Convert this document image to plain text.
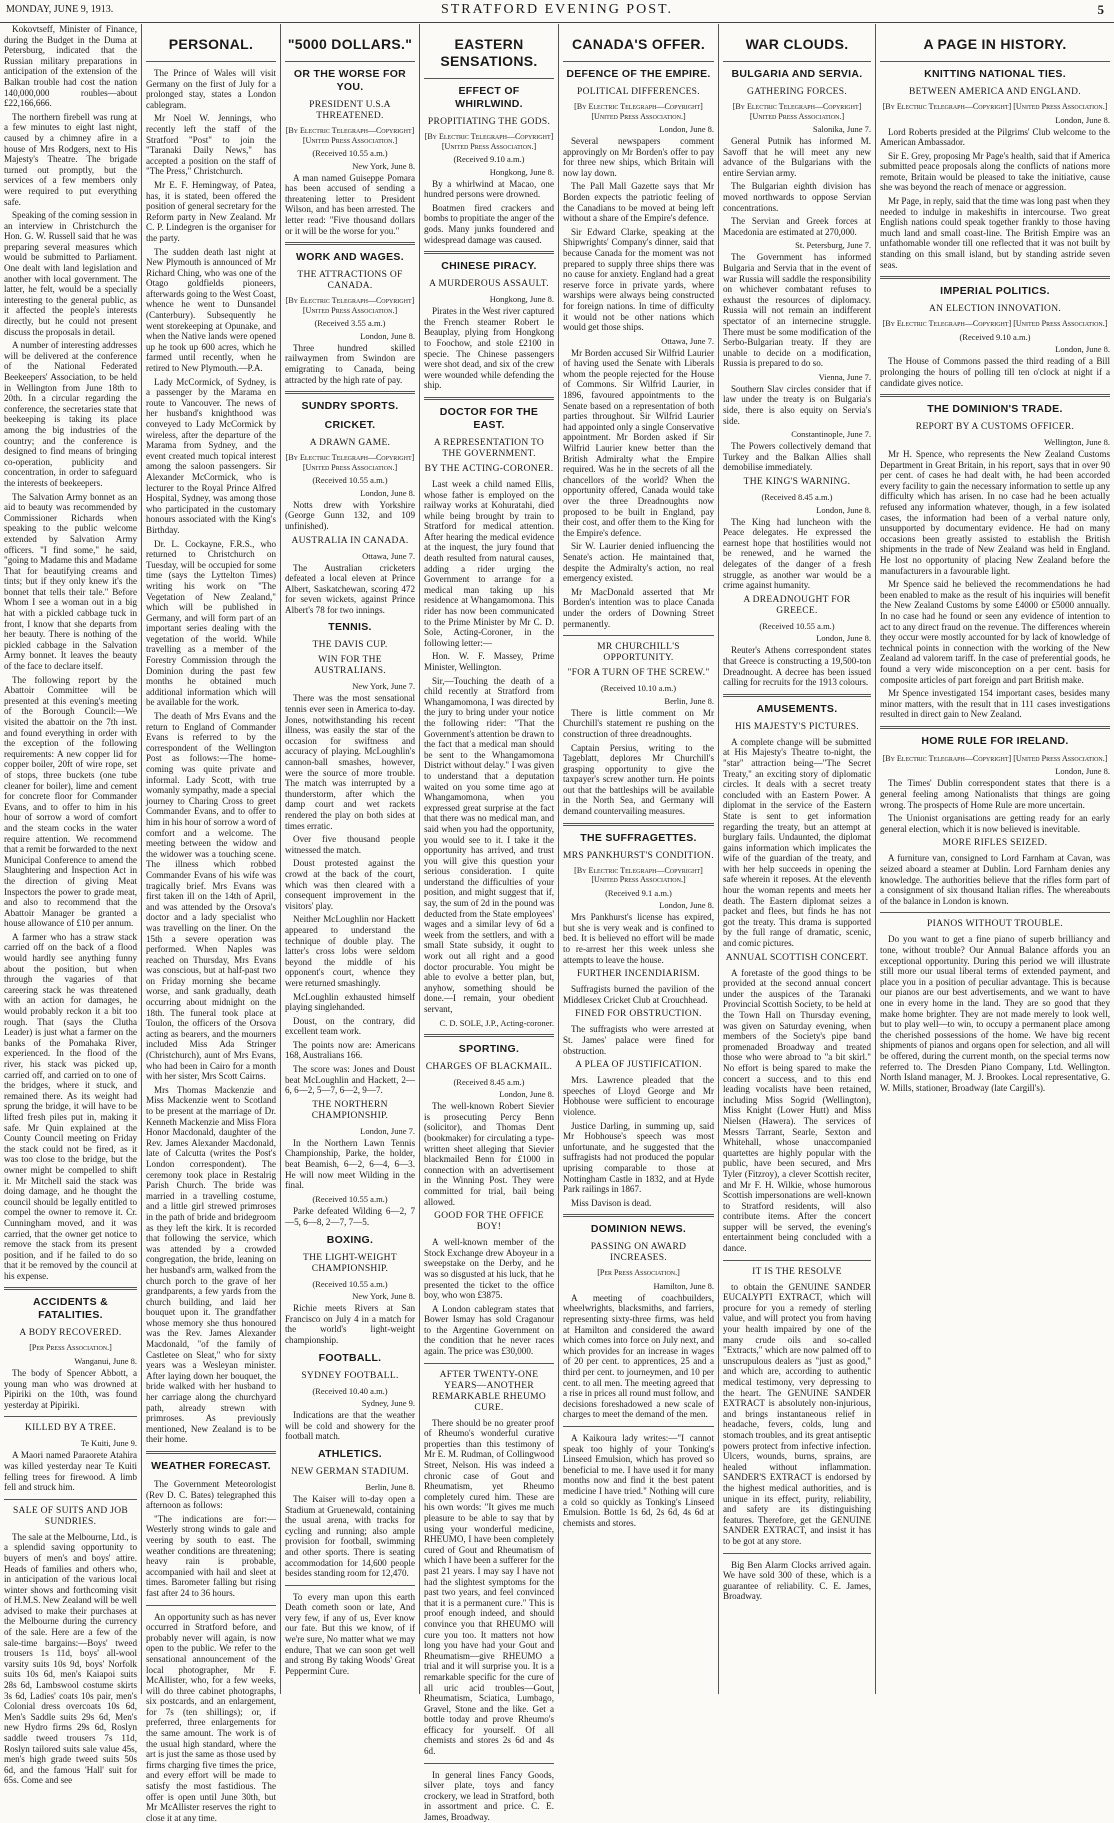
MONDAY, JUNE 9, 1913.	STRATFORD EVENING POST.	5

Kokovtseff, Minister of Finance, during the Budget in the Duma at Petersburg, indicated that the Russian military preparations in anticipation of the extension of the Balkan trouble had cost the nation 140,000,000 roubles—about £22,166,666.

The northern firebell was rung at a few minutes to eight last night, caused by a chimney afire in a house of Mrs Rodgers, next to His Majesty's Theatre. The brigade turned out promptly, but the services of a few members only were required to put everything safe.

Speaking of the coming session in an interview in Christchurch the Hon. G. W. Russell said that he was preparing several measures which would be submitted to Parliament. One dealt with land legislation and another with local government. The latter, he felt, would be a specially interesting to the general public, as it affected the people's interests directly, but he could not present discuss the proposals in detail.

A number of interesting addresses will be delivered at the conference of the National Federated Beekeepers' Association, to be held in Wellington from June 18th to 20th. In a circular regarding the conference, the secretaries state that beekeeping is taking its place among the big industries of the country; and the conference is designed to find means of bringing co-operation, publicity and concentration, in order to safeguard the interests of beekeepers.

The Salvation Army bonnet as an aid to beauty was recommended by Commissioner Richards when speaking to the public welcome extended by Salvation Army officers. "I find some," he said, "going to Madame this and Madame That for beautifying creams and tints; but if they only knew it's the bonnet that tells their tale." Before Whom I see a woman out in a big hat with a pickled cabbage tuck in front, I know that she departs from her beauty. There is nothing of the pickled cabbage in the Salvation Army bonnet. It leaves the beauty of the face to declare itself.

The following report by the Abattoir Committee will be presented at this evening's meeting of the Borough Council:—We visited the abattoir on the 7th inst. and found everything in order with the exception of the following requirements: A new copper lid for copper boiler, 20ft of wire rope, set of stops, three buckets (one tube cleaner for boiler), lime and cement for concrete floor for Commander Evans, and to offer to him in his hour of sorrow a word of comfort and the steam cocks in the water require attention. We recommend that a remit be forwarded to the next Municipal Conference to amend the Slaughtering and Inspection Act in the direction of giving Meat Inspectors the power to grade meat, and also to recommend that the Abattoir Manager be granted a house allowance of £10 per annum.

A farmer who has a straw stack carried off on the back of a flood would hardly see anything funny about the position, but when through the vagaries of that careering stack he was threatened with an action for damages, he would probably reckon it a bit too rough. That (says the Clutha Leader) is just what a farmer on the banks of the Pomahaka River, experienced. In the flood of the river, his stack was picked up, carried off, and carried on to one of the bridges, where it stuck, and remained there. As its weight had sprung the bridge, it will have to be lifted fresh piles put in, making it safe. Mr Quin explained at the County Council meeting on Friday the stack could not be fired, as it was too close to the bridge, but the owner might be compelled to shift it. Mr Mitchell said the stack was doing damage, and he thought the council should be legally entitled to compel the owner to remove it. Cr. Cunningham moved, and it was carried, that the owner get notice to remove the stack from its present position, and if he failed to do so that it be removed by the council at his expense.

ACCIDENTS & FATALITIES.
A BODY RECOVERED.
[Per Press Association.]
Wanganui, June 8.

The body of Spencer Abbott, a young man who was drowned at Pipiriki on the 10th, was found yesterday at Pipiriki.

KILLED BY A TREE.
Te Kuiti, June 9.

A Maori named Paraorete Atahira was killed yesterday near Te Kuiti felling trees for firewood. A limb fell and struck him.

SALE OF SUITS AND JOB SUNDRIES.

The sale at the Melbourne, Ltd., is a splendid saving opportunity to buyers of men's and boys' attire. Heads of families and others who, in anticipation of the various local winter shows and forthcoming visit of H.M.S. New Zealand will be well advised to make their purchases at the Melbourne during the currency of the sale. Here are a few of the sale-time bargains:—Boys' tweed trousers 1s 11d, boys' all-wool varsity suits 10s 9d, boys' Norfolk suits 10s 6d, men's Kaiapoi suits 28s 6d, Lambswool costume skirts 3s 6d, Ladies' coats 10s pair, men's Colonial dress overcoats 10s 6d, Men's Saddle suits 29s 6d, Men's new Hydro firms 29s 6d, Roslyn saddle tweed trousers 7s 11d, Roslyn tailored suits sale value 45s, men's high grade tweed suits 50s 6d, and the famous 'Hall' suit for 65s. Come and see

PERSONAL.

The Prince of Wales will visit Germany on the first of July for a prolonged stay, states a London cablegram.

Mr Noel W. Jennings, who recently left the staff of the Stratford "Post" to join the "Taranaki Daily News," has accepted a position on the staff of "The Press," Christchurch.

Mr E. F. Hemingway, of Patea, has, it is stated, been offered the position of general secretary for the Reform party in New Zealand. Mr C. P. Lindegren is the organiser for the party.

The sudden death last night at New Plymouth is announced of Mr Richard Ching, who was one of the Otago goldfields pioneers, afterwards going to the West Coast, whence he went to Dunsandel (Canterbury). Subsequently he went storekeeping at Opunake, and when the Native lands were opened up he took up 600 acres, which he farmed until recently, when he retired to New Plymouth.—P.A.

Lady McCormick, of Sydney, is a passenger by the Marama en route to Vancouver. The news of her husband's knighthood was conveyed to Lady McCormick by wireless, after the departure of the Marama from Sydney, and the event created much topical interest among the saloon passengers. Sir Alexander McCormick, who is lecturer to the Royal Prince Alfred Hospital, Sydney, was among those who participated in the customary honours associated with the King's Birthday.

Dr. L. Cockayne, F.R.S., who returned to Christchurch on Tuesday, will be occupied for some time (says the Lyttelton Times) writing his work on "The Vegetation of New Zealand," which will be published in Germany, and will form part of an important series dealing with the vegetation of the world. While travelling as a member of the Forestry Commission through the Dominion during the past few months he obtained much additional information which will be available for the work.

The death of Mrs Evans and the return to England of Commander Evans is referred to by the correspondent of the Wellington Post as follows:—The home-coming was quite private and informal. Lady Scott, with true womanly sympathy, made a special journey to Charing Cross to greet Commander Evans, and to offer to him in his hour of sorrow a word of comfort and a welcome. The meeting between the widow and the widower was a touching scene. The illness which robbed Commander Evans of his wife was tragically brief. Mrs Evans was first taken ill on the 14th of April, and was attended by the Orsova's doctor and a lady specialist who was travelling on the liner. On the 15th a severe operation was performed. When Naples was reached on Thursday, Mrs Evans was conscious, but at half-past two on Friday morning she became worse, and sank gradually, death occurring about midnight on the 18th. The funeral took place at Toulon, the officers of the Orsova acting as bearers, and the mourners included Miss Ada Stringer (Christchurch), aunt of Mrs Evans, who had been in Cairo for a month with her sister, Mrs Scott Cairns.

Mrs Thomas Mackenzie and Miss Mackenzie went to Scotland to be present at the marriage of Dr. Kenneth Mackenzie and Miss Flora Honor Macdonald, daughter of the Rev. James Alexander Macdonald, late of Calcutta (writes the Post's London correspondent). The ceremony took place in Restalrig Parish Church. The bride was married in a travelling costume, and a little girl strewed primroses in the path of bride and bridegroom as they left the kirk. It is recorded that following the service, which was attended by a crowded congregation, the bride, leaning on her husband's arm, walked from the church porch to the grave of her grandparents, a few yards from the church building, and laid her bouquet upon it. The grandfather whose memory she thus honoured was the Rev. James Alexander Macdonald, "of the family of Castletee on Sleat," who for sixty years was a Wesleyan minister. After laying down her bouquet, the bride walked with her husband to her carriage along the churchyard path, already strewn with primroses. As previously mentioned, New Zealand is to be their home.

WEATHER FORECAST.

The Government Meteorologist (Rev D. C. Bates) telegraphed this afternoon as follows:

"The indications are for:—Westerly strong winds to gale and veering by south to east. The weather conditions are threatening; heavy rain is probable, accompanied with hail and sleet at times. Barometer falling but rising fast after 24 to 36 hours.

An opportunity such as has never occurred in Stratford before, and probably never will again, is now open to the public. We refer to the sensational announcement of the local photographer, Mr F. McAllister, who, for a few weeks, will do three cabinet photographs, six postcards, and an enlargement, for 7s (ten shillings); or, if preferred, three enlargements for the same amount. The work is of the usual high standard, where the art is just the same as those used by firms charging five times the price, and every effort will be made to satisfy the most fastidious. The offer is open until June 30th, but Mr McAllister reserves the right to close it at any time.

"5000 DOLLARS."
OR THE WORSE FOR YOU.
PRESIDENT U.S.A THREATENED.
[By Electric Telegraph—Copyright] [United Press Association.]
(Received 10.55 a.m.)
New York, June 8.

A man named Guiseppe Pomara has been accused of sending a threatening letter to President Wilson, and has been arrested. The letter read: "Five thousand dollars or it will be the worse for you."

WORK AND WAGES.
THE ATTRACTIONS OF CANADA.
[By Electric Telegraph—Copyright] [United Press Association.]
(Received 3.55 a.m.)
London, June 8.

Three hundred skilled railwaymen from Swindon are emigrating to Canada, being attracted by the high rate of pay.

SUNDRY SPORTS.
CRICKET.
A DRAWN GAME.
[By Electric Telegraph—Copyright] [United Press Association.]
(Received 10.55 a.m.)
London, June 8.

Notts drew with Yorkshire (George Gunn 132, and 109 unfinished).

AUSTRALIA IN CANADA.
Ottawa, June 7.

The Australian cricketers defeated a local eleven at Prince Albert, Saskatchewan, scoring 472 for seven wickets, against Prince Albert's 78 for two innings.

TENNIS.
THE DAVIS CUP.
WIN FOR THE AUSTRALIANS.
New York, June 7.

There was the most sensational tennis ever seen in America to-day. Jones, notwithstanding his recent illness, was easily the star of the occasion for swiftness and accuracy of playing. McLoughlin's cannon-ball smashes, however, were the source of more trouble. The match was interrupted by a thunderstorm, after which the damp court and wet rackets rendered the play on both sides at times erratic.

Over five thousand people witnessed the match.

Doust protested against the crowd at the back of the court, which was then cleared with a consequent improvement in the visitors' play.

Neither McLoughlin nor Hackett appeared to understand the technique of double play. The latter's cross lobs were seldom beyond the middle of his opponent's court, whence they were returned smashingly.

McLoughlin exhausted himself playing singlehanded.

Doust, on the contrary, did excellent team work.

The points now are: Americans 168, Australians 166.

The score was: Jones and Doust beat McLoughlin and Hackett, 2—6, 6—2, 5—7, 6—2, 9—7.

THE NORTHERN CHAMPIONSHIP.
London, June 7.

In the Northern Lawn Tennis Championship, Parke, the holder, beat Beamish, 6—2, 6—4, 6—3. He will now meet Wilding in the final.

(Received 10.55 a.m.)

Parke defeated Wilding 6—2, 7—5, 6—8, 2—7, 7—5.

BOXING.
THE LIGHT-WEIGHT CHAMPIONSHIP.
(Received 10.55 a.m.)
New York, June 8.

Richie meets Rivers at San Francisco on July 4 in a match for the world's light-weight championship.

FOOTBALL.
SYDNEY FOOTBALL.
(Received 10.40 a.m.)
Sydney, June 9.

Indications are that the weather will be cold and showery for the football match.

ATHLETICS.
NEW GERMAN STADIUM.
Berlin, June 8.

The Kaiser will to-day open a Stadium at Gruenewald, containing the usual arena, with tracks for cycling and running; also ample provision for football, swimming and other sports. There is seating accommodation for 14,600 people besides standing room for 12,470.

To every man upon this earth Death cometh soon or late, And very few, if any of us, Ever know our fate. But this we know, of if we're sure, No matter what we may endure, That we can soon get well and strong By taking Woods' Great Peppermint Cure.

EASTERN SENSATIONS.
EFFECT OF WHIRLWIND.
PROPITIATING THE GODS.
[By Electric Telegraph—Copyright] [United Press Association.]
(Received 9.10 a.m.)
Hongkong, June 8.

By a whirlwind at Macao, one hundred persons were drowned.

Boatmen fired crackers and bombs to propitiate the anger of the gods. Many junks foundered and widespread damage was caused.

CHINESE PIRACY.
A MURDEROUS ASSAULT.
Hongkong, June 8.

Pirates in the West river captured the French steamer Robert le Beauplay, plying from Hongkong to Foochow, and stole £2100 in specie. The Chinese passengers were shot dead, and six of the crew were wounded while defending the ship.

DOCTOR FOR THE EAST.
A REPRESENTATION TO THE GOVERNMENT.
BY THE ACTING-CORONER.

Last week a child named Ellis, whose father is employed on the railway works at Kohuratahi, died while being brought by train to Stratford for medical attention. After hearing the medical evidence at the inquest, the jury found that death resulted from natural causes, adding a rider urging the Government to arrange for a medical man taking up his residence at Whangamomona. This rider has now been communicated to the Prime Minister by Mr C. D. Sole, Acting-Coroner, in the following letter:—

Hon. W. F. Massey, Prime Minister, Wellington.

Sir,—Touching the death of a child recently at Stratford from Whangamomona, I was directed by the jury to bring under your notice the following rider: "That the Government's attention be drawn to the fact that a medical man should be sent to the Whangamomona District without delay." I was given to understand that a deputation waited on you some time ago at Whangamomona, when you expressed great surprise at the fact that there was no medical man, and said when you had the opportunity, you would see to it. I take it the opportunity has arrived, and trust you will give this question your serious consideration. I quite understand the difficulties of your position, and might suggest that if, say, the sum of 2d in the pound was deducted from the State employees' wages and a similar levy of 6d a week from the settlers, and with a small State subsidy, it ought to work out all right and a good doctor procurable. You might be able to evolve a better plan, but, anyhow, something should be done.—I remain, your obedient servant,

C. D. SOLE, J.P., Acting-coroner.
SPORTING.
CHARGES OF BLACKMAIL.
(Received 8.45 a.m.)
London, June 8.

The well-known Robert Sievier is prosecuting Percy Benn (solicitor), and Thomas Dent (bookmaker) for circulating a type-written sheet alleging that Sievier blackmailed Benn for £1000 in connection with an advertisement in the Winning Post. They were committed for trial, bail being allowed.

GOOD FOR THE OFFICE BOY!

A well-known member of the Stock Exchange drew Aboyeur in a sweepstake on the Derby, and he was so disgusted at his luck, that he presented the ticket to the office boy, who won £3875.

A London cablegram states that Bower Ismay has sold Craganour to the Argentine Government on the condition that he never races again. The price was £30,000.

AFTER TWENTY-ONE YEARS—ANOTHER REMARKABLE RHEUMO CURE.

There should be no greater proof of Rheumo's wonderful curative properties than this testimony of Mr E. M. Rudman, of Collingwood Street, Nelson. His was indeed a chronic case of Gout and Rheumatism, yet Rheumo completely cured him. These are his own words: "It gives me much pleasure to be able to say that by using your wonderful medicine, RHEUMO, I have been completely cured of Gout and Rheumatism of which I have been a sufferer for the past 21 years. I may say I have not had the slightest symptoms for the past two years, and feel convinced that it is a permanent cure." This is proof enough indeed, and should convince you that RHEUMO will cure you too. It matters not how long you have had your Gout and Rheumatism—give RHEUMO a trial and it will surprise you. It is a remarkable specific for the cure of all uric acid troubles—Gout, Rheumatism, Sciatica, Lumbago, Gravel, Stone and the like. Get a bottle today and prove Rheumo's efficacy for yourself. Of all chemists and stores 2s 6d and 4s 6d.

In general lines Fancy Goods, silver plate, toys and fancy crockery, we lead in Stratford, both in assortment and price. C. E. James, Broadway.

CANADA'S OFFER.
DEFENCE OF THE EMPIRE.
POLITICAL DIFFERENCES.
[By Electric Telegraph—Copyright] [United Press Association.]
London, June 8.

Several newspapers comment approvingly on Mr Borden's offer to pay for three new ships, which Britain will now lay down.

The Pall Mall Gazette says that Mr Borden expects the patriotic feeling of the Canadians to be moved at being left without a share of the Empire's defence.

Sir Edward Clarke, speaking at the Shipwrights' Company's dinner, said that because Canada for the moment was not prepared to supply three ships there was no cause for anxiety. England had a great reserve force in private yards, where warships were always being constructed for foreign nations. In time of difficulty it would not be other nations which would get those ships.

Ottawa, June 7.

Mr Borden accused Sir Wilfrid Laurier of having used the Senate with Liberals whom the people rejected for the House of Commons. Sir Wilfrid Laurier, in 1896, favoured appointments to the Senate based on a representation of both parties throughout. Sir Wilfrid Laurier had appointed only a single Conservative appointment. Mr Borden asked if Sir Wilfrid Laurier knew better than the British Admiralty what the Empire required. Was he in the secrets of all the chancellors of the world? When the opportunity offered, Canada would take over the three Dreadnoughts now proposed to be built in England, pay their cost, and offer them to the King for the Empire's defence.

Sir W. Laurier denied influencing the Senate's action. He maintained that, despite the Admiralty's action, no real emergency existed.

Mr MacDonald asserted that Mr Borden's intention was to place Canada under the orders of Downing Street permanently.

MR CHURCHILL'S OPPORTUNITY.
"FOR A TURN OF THE SCREW."
(Received 10.10 a.m.)
Berlin, June 8.

There is little comment on Mr Churchill's statement re pushing on the construction of three dreadnoughts.

Captain Persius, writing to the Tageblatt, deplores Mr Churchill's grasping opportunity to give the taxpayer's screw another turn. He points out that the battleships will be available in the North Sea, and Germany will demand countervailing measures.

THE SUFFRAGETTES.
MRS PANKHURST'S CONDITION.
[By Electric Telegraph—Copyright] [United Press Association.]
(Received 9.1 a.m.)
London, June 8.

Mrs Pankhurst's license has expired, but she is very weak and is confined to bed. It is believed no effort will be made to re-arrest her this week unless she attempts to leave the house.

FURTHER INCENDIARISM.

Suffragists burned the pavilion of the Middlesex Cricket Club at Crouchhead.

FINED FOR OBSTRUCTION.

The suffragists who were arrested at St. James' palace were fined for obstruction.

A PLEA OF JUSTIFICATION.

Mrs. Lawrence pleaded that the speeches of Lloyd George and Mr Hobhouse were sufficient to encourage violence.

Justice Darling, in summing up, said Mr Hobhouse's speech was most unfortunate, and he suggested that the suffragists had not produced the popular uprising comparable to those at Nottingham Castle in 1832, and at Hyde Park railings in 1867.

Miss Davison is dead.

DOMINION NEWS.
PASSING ON AWARD INCREASES.
[Per Press Association.]
Hamilton, June 8.

A meeting of coachbuilders, wheelwrights, blacksmiths, and farriers, representing sixty-three firms, was held at Hamilton and considered the award which comes into force on July next, and which provides for an increase in wages of 20 per cent. to apprentices, 25 and a third per cent. to journeymen, and 10 per cent. to all men. The meeting agreed that a rise in prices all round must follow, and decisions foreshadowed a new scale of charges to meet the demand of the men.

A Kaikoura lady writes:—"I cannot speak too highly of your Tonking's Linseed Emulsion, which has proved so beneficial to me. I have used it for many months now and find it the best patent medicine I have tried." Nothing will cure a cold so quickly as Tonking's Linseed Emulsion. Bottle 1s 6d, 2s 6d, 4s 6d at chemists and stores.

WAR CLOUDS.
BULGARIA AND SERVIA.
GATHERING FORCES.
[By Electric Telegraph—Copyright] [United Press Association.]
Salonika, June 7.

General Putnik has informed M. Savoff that he will meet any new advance of the Bulgarians with the entire Servian army.

The Bulgarian eighth division has moved northwards to oppose Servian concentrations.

The Servian and Greek forces at Macedonia are estimated at 270,000.

St. Petersburg, June 7.

The Government has informed Bulgaria and Servia that in the event of war Russia will saddle the responsibility on whichever combatant refuses to exhaust the resources of diplomacy. Russia will not remain an indifferent spectator of an internecine struggle. There must be some modification of the Serbo-Bulgarian treaty. If they are unable to decide on a modification, Russia is prepared to do so.

Vienna, June 7.

Southern Slav circles consider that if law under the treaty is on Bulgaria's side, there is also equity on Servia's side.

Constantinople, June 7.

The Powers collectively demand that Turkey and the Balkan Allies shall demobilise immediately.

THE KING'S WARNING.
(Received 8.45 a.m.)
London, June 8.

The King had luncheon with the Peace delegates. He expressed the earnest hope that hostilities would not be renewed, and he warned the delegates of the danger of a fresh struggle, as another war would be a crime against humanity.

A DREADNOUGHT FOR GREECE.
(Received 10.55 a.m.)
London, June 8.

Reuter's Athens correspondent states that Greece is constructing a 19,500-ton Dreadnought. A decree has been issued calling for recruits for the 1913 colours.

AMUSEMENTS.
HIS MAJESTY'S PICTURES.

A complete change will be submitted at His Majesty's Theatre to-night, the "star" attraction being—"The Secret Treaty," an exciting story of diplomatic circles. It deals with a secret treaty concluded with an Eastern Power. A diplomat in the service of the Eastern State is sent to get information regarding the treaty, but an attempt at burglary fails. Undaunted, the diplomat gains information which implicates the wife of the guardian of the treaty, and with her help succeeds in opening the safe wherein it reposes. At the eleventh hour the woman repents and meets her death. The Eastern diplomat seizes a packet and flees, but finds he has not got the treaty. This drama is supported by the full range of dramatic, scenic, and comic pictures.

ANNUAL SCOTTISH CONCERT.

A foretaste of the good things to be provided at the second annual concert under the auspices of the Taranaki Provincial Scottish Society, to be held at the Town Hall on Thursday evening, was given on Saturday evening, when members of the Society's pipe band promenaded Broadway and treated those who were abroad to "a bit skirl." No effort is being spared to make the concert a success, and to this end leading vocalists have been retained, including Miss Sogrid (Wellington), Miss Knight (Lower Hutt) and Miss Nielsen (Hawera). The services of Messrs Tarrant, Searle, Sexton and Whitehall, whose unaccompanied quartettes are highly popular with the public, have been secured, and Mrs Tyler (Fitzroy), a clever Scottish reciter, and Mr F. H. Wilkie, whose humorous Scottish impersonations are well-known to Stratford residents, will also contribute items. After the concert supper will be served, the evening's entertainment being concluded with a dance.

IT IS THE RESOLVE

to obtain the GENUINE SANDER EUCALYPTI EXTRACT, which will procure for you a remedy of sterling value, and will protect you from having your health impaired by one of the many crude oils and so-called "Extracts," which are now palmed off to unscrupulous dealers as "just as good," and which are, according to authentic medical testimony, very depressing to the heart. The GENUINE SANDER EXTRACT is absolutely non-injurious, and brings instantaneous relief in headache, fevers, colds, lung and stomach troubles, and its great antiseptic powers protect from infective infection. Ulcers, wounds, burns, sprains, are healed without inflammation. SANDER'S EXTRACT is endorsed by the highest medical authorities, and is unique in its effect, purity, reliability, and safety are its distinguishing features. Therefore, get the GENUINE SANDER EXTRACT, and insist it has to be got at any store.

Big Ben Alarm Clocks arrived again. We have sold 300 of these, which is a guarantee of reliability. C. E. James, Broadway.

A PAGE IN HISTORY.
KNITTING NATIONAL TIES.
BETWEEN AMERICA AND ENGLAND.
[By Electric Telegraph—Copyright] [United Press Association.]
London, June 8.

Lord Roberts presided at the Pilgrims' Club welcome to the American Ambassador.

Sir E. Grey, proposing Mr Page's health, said that if America submitted peace proposals along the conflicts of nations more remote, Britain would be pleased to take the initiative, cause she was beyond the reach of menace or aggression.

Mr Page, in reply, said that the time was long past when they needed to indulge in makeshifts in intercourse. Two great English nations could speak together frankly to those having much land and small coast-line. The British Empire was an unfathomable wonder till one reflected that it was not built by standing on this small island, but by standing astride seven seas.

IMPERIAL POLITICS.
AN ELECTION INNOVATION.
[By Electric Telegraph—Copyright] [United Press Association.]
(Received 9.10 a.m.)
London, June 8.

The House of Commons passed the third reading of a Bill prolonging the hours of polling till ten o'clock at night if a candidate gives notice.

THE DOMINION'S TRADE.
REPORT BY A CUSTOMS OFFICER.
Wellington, June 8.

Mr H. Spence, who represents the New Zealand Customs Department in Great Britain, in his report, says that in over 90 per cent. of cases he had dealt with, he had been accorded every facility to gain the necessary information to settle up any difficulty which has arisen. In no case had he been actually refused any information whatever, though, in a few isolated cases, the information had been of a verbal nature only, unsupported by documentary evidence. He had on many occasions been greatly assisted to establish the British shipments in the trade of New Zealand was held in England. He lost no opportunity of placing New Zealand before the manufacturers in a favourable light.

Mr Spence said he believed the recommendations he had been enabled to make as the result of his inquiries will benefit the New Zealand Customs by some £4000 or £5000 annually. In no case had he found or seen any evidence of intention to act to any direct fraud on the revenue. The differences wherein they occur were mostly accounted for by lack of knowledge of technical points in connection with the working of the New Zealand ad valorem tariff. In the case of preferential goods, he found a very wide misconception on a per cent. basis for composite articles of part foreign and part British make.

Mr Spence investigated 154 important cases, besides many minor matters, with the result that in 111 cases investigations resulted in direct gain to New Zealand.

HOME RULE FOR IRELAND.
[By Electric Telegraph—Copyright] [United Press Association.]
London, June 8.

The Times' Dublin correspondent states that there is a general feeling among Nationalists that things are going wrong. The prospects of Home Rule are more uncertain.

The Unionist organisations are getting ready for an early general election, which it is now believed is inevitable.

MORE RIFLES SEIZED.

A furniture van, consigned to Lord Farnham at Cavan, was seized aboard a steamer at Dublin. Lord Farnham denies any knowledge. The authorities believe that the rifles form part of a consignment of six thousand Italian rifles. The whereabouts of the balance in London is known.

PIANOS WITHOUT TROUBLE.

Do you want to get a fine piano of superb brilliancy and tone, without trouble? Our Annual Balance affords you an exceptional opportunity. During this period we will illustrate still more our usual liberal terms of extended payment, and place you in a position of peculiar advantage. This is because our pianos are our best advertisements, and we want to have one in every home in the land. They are so good that they make home brighter. They are not made merely to look well, but to play well—to win, to occupy a permanent place among the cherished possessions of the home. We have big recent shipments of pianos and organs open for selection, and all will be offered, during the current month, on the special terms now referred to. The Dresden Piano Company, Ltd. Wellington. North Island manager, M. J. Brookes. Local representative, G. W. Mills, stationer, Broadway (late Cargill's).
